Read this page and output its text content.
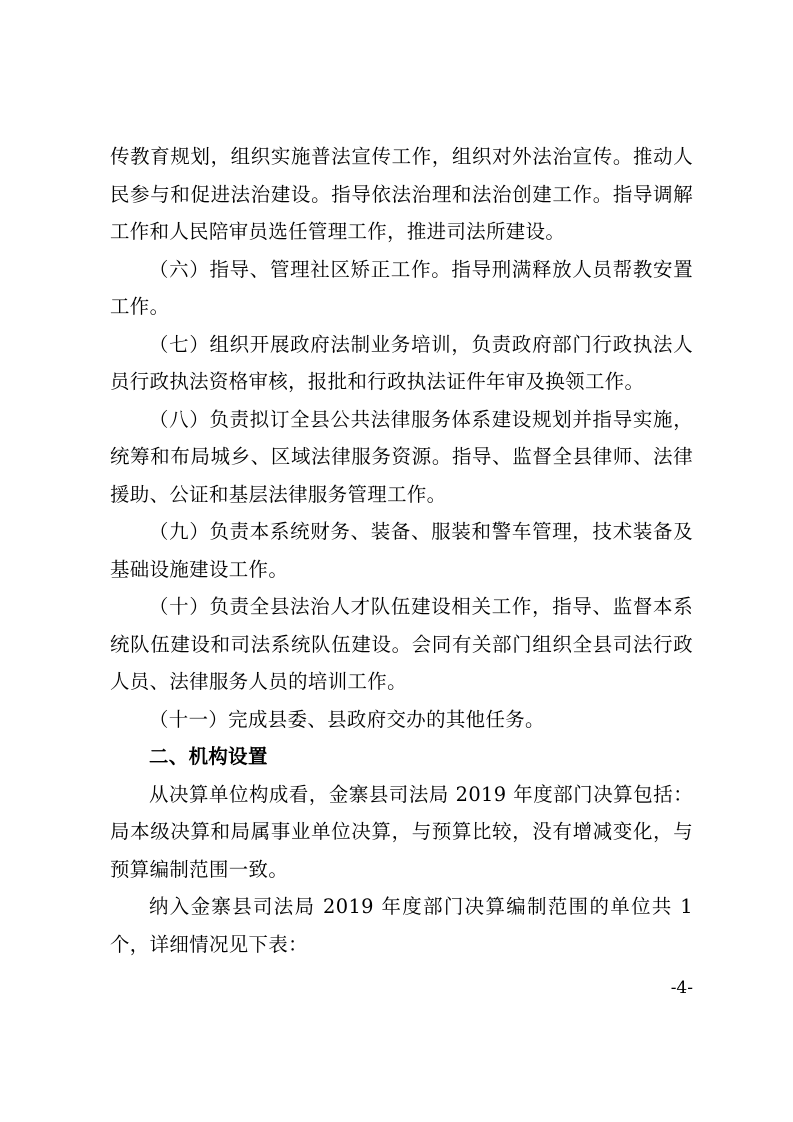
传教育规划，组织实施普法宣传工作，组织对外法治宣传。推动人民参与和促进法治建设。指导依法治理和法治创建工作。指导调解工作和人民陪审员选任管理工作，推进司法所建设。

（六）指导、管理社区矫正工作。指导刑满释放人员帮教安置工作。

（七）组织开展政府法制业务培训，负责政府部门行政执法人员行政执法资格审核，报批和行政执法证件年审及换领工作。

（八）负责拟订全县公共法律服务体系建设规划并指导实施，统筹和布局城乡、区域法律服务资源。指导、监督全县律师、法律援助、公证和基层法律服务管理工作。

（九）负责本系统财务、装备、服装和警车管理，技术装备及基础设施建设工作。

（十）负责全县法治人才队伍建设相关工作，指导、监督本系统队伍建设和司法系统队伍建设。会同有关部门组织全县司法行政人员、法律服务人员的培训工作。

（十一）完成县委、县政府交办的其他任务。

二、机构设置

从决算单位构成看，金寨县司法局 2019 年度部门决算包括：局本级决算和局属事业单位决算，与预算比较，没有增减变化，与预算编制范围一致。

纳入金寨县司法局 2019 年度部门决算编制范围的单位共 1 个，详细情况见下表：

-4-
